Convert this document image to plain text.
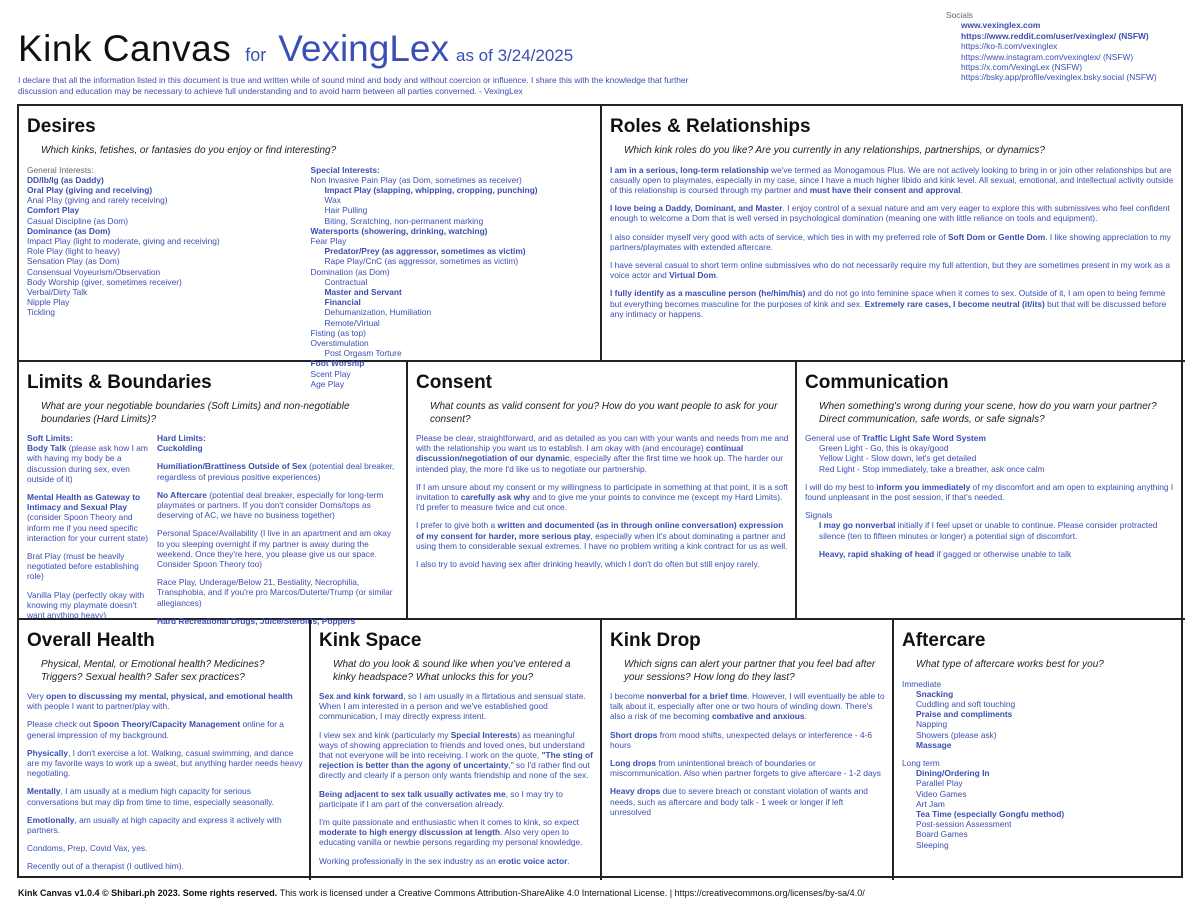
Kink Canvas for VexingLex as of 3/24/2025
I declare that all the information listed in this document is true and written while of sound mind and body and without coercion or influence. I share this with the knowledge that further discussion and education may be necessary to achieve full understanding and to avoid harm between all parties converned. - VexingLex
Socials
www.vexinglex.com
https://www.reddit.com/user/vexinglex/ (NSFW)
https://ko-fi.com/vexinglex
https://www.instagram.com/vexinglex/ (NSFW)
https://x.com/VexingLex (NSFW)
https://bsky.app/profile/vexinglex.bsky.social (NSFW)
Desires
Which kinks, fetishes, or fantasies do you enjoy or find interesting?
General Interests:
DD/lb/lg (as Daddy)
Oral Play (giving and receiving)
Anal Play (giving and rarely receiving)
Comfort Play
Casual Discipline (as Dom)
Dominance (as Dom)
Impact Play (light to moderate, giving and receiving)
Role Play (light to heavy)
Sensation Play (as Dom)
Consensual Voyeurism/Observation
Body Worship (giver, sometimes receiver)
Verbal/Dirty Talk
Nipple Play
Tickling
Special Interests:
Non Invasive Pain Play (as Dom, sometimes as receiver)
Impact Play (slapping, whipping, cropping, punching)
Wax
Hair Pulling
Biting, Scratching, non-permanent marking
Watersports (showering, drinking, watching)
Fear Play
Predator/Prey (as aggressor, sometimes as victim)
Rape Play/CnC (as aggressor, sometimes as victim)
Domination (as Dom)
Contractual
Master and Servant
Financial
Dehumanization, Humiliation
Remote/Virtual
Fisting (as top)
Overstimulation
Post Orgasm Torture
Foot Worship
Scent Play
Age Play
Roles & Relationships
Which kink roles do you like? Are you currently in any relationships, partnerships, or dynamics?

I am in a serious, long-term relationship we've termed as Monogamous Plus. We are not actively looking to bring in or join other relationships but are casually open to playmates, especially in my case, since I have a much higher libido and kink level. All sexual, emotional, and intellectual activity outside of this relationship is coursed through my partner and must have their consent and approval.

I love being a Daddy, Dominant, and Master. I enjoy control of a sexual nature and am very eager to explore this with submissives who feel confident enough to welcome a Dom that is well versed in psychological domination (meaning one with little reliance on tools and equipment).

I also consider myself very good with acts of service, which ties in with my preferred role of Soft Dom or Gentle Dom. I like showing appreciation to my partners/playmates with extended aftercare.

I have several casual to short term online submissives who do not necessarily require my full attention, but they are sometimes present in my work as a voice actor and Virtual Dom.

I fully identify as a masculine person (he/him/his) and do not go into feminine space when it comes to sex. Outside of it, I am open to being femme but everything becomes masculine for the purposes of kink and sex. Extremely rare cases, I become neutral (it/its) but that will be discussed before any intimacy or happens.

Limits & Boundaries
What are your negotiable boundaries (Soft Limits) and non-negotiable boundaries (Hard Limits)?
Soft Limits:

Body Talk (please ask how I am with having my body be a discussion during sex, even outside of it)

Mental Health as Gateway to Intimacy and Sexual Play (consider Spoon Theory and inform me if you need specific interaction for your current state)

Brat Play (must be heavily negotiated before establishing role)

Vanilla Play (perfectly okay with knowing my playmate doesn't want anything heavy)

Hard Limits:

Cuckolding

Humiliation/Brattiness Outside of Sex (potential deal breaker, regardless of previous positive experiences)

No Aftercare (potential deal breaker, especially for long-term playmates or partners. If you don't consider Doms/tops as deserving of AC, we have no business together)

Personal Space/Availability (I live in an apartment and am okay to you sleeping overnight if my partner is away during the weekend. Once they're here, you please give us our space. Consider Spoon Theory too)

Race Play, Underage/Below 21, Bestiality, Necrophilia, Transphobia, and if you're pro Marcos/Duterte/Trump (or similar allegiances)

Hard Recreational Drugs, Juice/Steroids, Poppers

Consent
What counts as valid consent for you? How do you want people to ask for your consent?

Please be clear, straightforward, and as detailed as you can with your wants and needs from me and with the relationship you want us to establish. I am okay with (and encourage) continual discussion/negotiation of our dynamic, especially after the first time we hook up. The harder our intended play, the more I'd like us to negotiate our partnership.

If I am unsure about my consent or my willingness to participate in something at that point, it is a soft invitation to carefully ask why and to give me your points to convince me (except my Hard Limits). I'd prefer to measure twice and cut once.

I prefer to give both a written and documented (as in through online conversation) expression of my consent for harder, more serious play, especially when it's about dominating a partner and using them to considerable sexual extremes. I have no problem writing a kink contract for us as well.

I also try to avoid having sex after drinking heavily, which I don't do often but still enjoy rarely.

Communication
When something's wrong during your scene, how do you warn your partner? Direct communication, safe words, or safe signals?
General use of Traffic Light Safe Word System
Green Light - Go, this is okay/good
Yellow Light - Slow down, let's get detailed
Red Light - Stop immediately, take a breather, ask once calm

I will do my best to inform you immediately of my discomfort and am open to explaining anything I found unpleasant in the post session, if that's needed.

Signals

I may go nonverbal initially if I feel upset or unable to continue. Please consider protracted silence (ten to fifteen minutes or longer) a potential sign of discomfort.

Heavy, rapid shaking of head if gagged or otherwise unable to talk

Overall Health
Physical, Mental, or Emotional health? Medicines? Triggers? Sexual health? Safer sex practices?

Very open to discussing my mental, physical, and emotional health with people I want to partner/play with.

Please check out Spoon Theory/Capacity Management online for a general impression of my background.

Physically, I don't exercise a lot. Walking, casual swimming, and dance are my favorite ways to work up a sweat, but anything harder needs heavy negotiating.

Mentally, I am usually at a medium high capacity for serious conversations but may dip from time to time, especially seasonally.

Emotionally, am usually at high capacity and express it actively with partners.

Condoms, Prep, Covid Vax, yes.

Recently out of a therapist (I outlived him).

Kink Space
What do you look & sound like when you've entered a kinky headspace? What unlocks this for you?

Sex and kink forward, so I am usually in a flirtatious and sensual state. When I am interested in a person and we've established good communication, I may directly express intent.

I view sex and kink (particularly my Special Interests) as meaningful ways of showing appreciation to friends and loved ones, but understand that not everyone will be into receiving. I work on the quote, "The sting of rejection is better than the agony of uncertainty," so I'd rather find out directly and clearly if a person only wants friendship and none of the sex.

Being adjacent to sex talk usually activates me, so I may try to participate if I am part of the conversation already.

I'm quite passionate and enthusiastic when it comes to kink, so expect moderate to high energy discussion at length. Also very open to educating vanilla or newbie persons regarding my personal knowledge.

Working professionally in the sex industry as an erotic voice actor.

Kink Drop
Which signs can alert your partner that you feel bad after your sessions? How long do they last?

I become nonverbal for a brief time. However, I will eventually be able to talk about it, especially after one or two hours of winding down. There's also a risk of me becoming combative and anxious.

Short drops from mood shifts, unexpected delays or interference - 4-6 hours

Long drops from unintentional breach of boundaries or miscommunication. Also when partner forgets to give aftercare - 1-2 days

Heavy drops due to severe breach or constant violation of wants and needs, such as aftercare and body talk - 1 week or longer if left unresolved

Aftercare
What type of aftercare works best for you?
Immediate
Snacking
Cuddling and soft touching
Praise and compliments
Napping
Showers (please ask)
Massage
Long term
Dining/Ordering In
Parallel Play
Video Games
Art Jam
Tea Time (especially Gongfu method)
Post-session Assessment
Board Games
Sleeping
Kink Canvas v1.0.4 © Shibari.ph 2023. Some rights reserved. This work is licensed under a Creative Commons Attribution-ShareAlike 4.0 International License. | https://creativecommons.org/licenses/by-sa/4.0/
